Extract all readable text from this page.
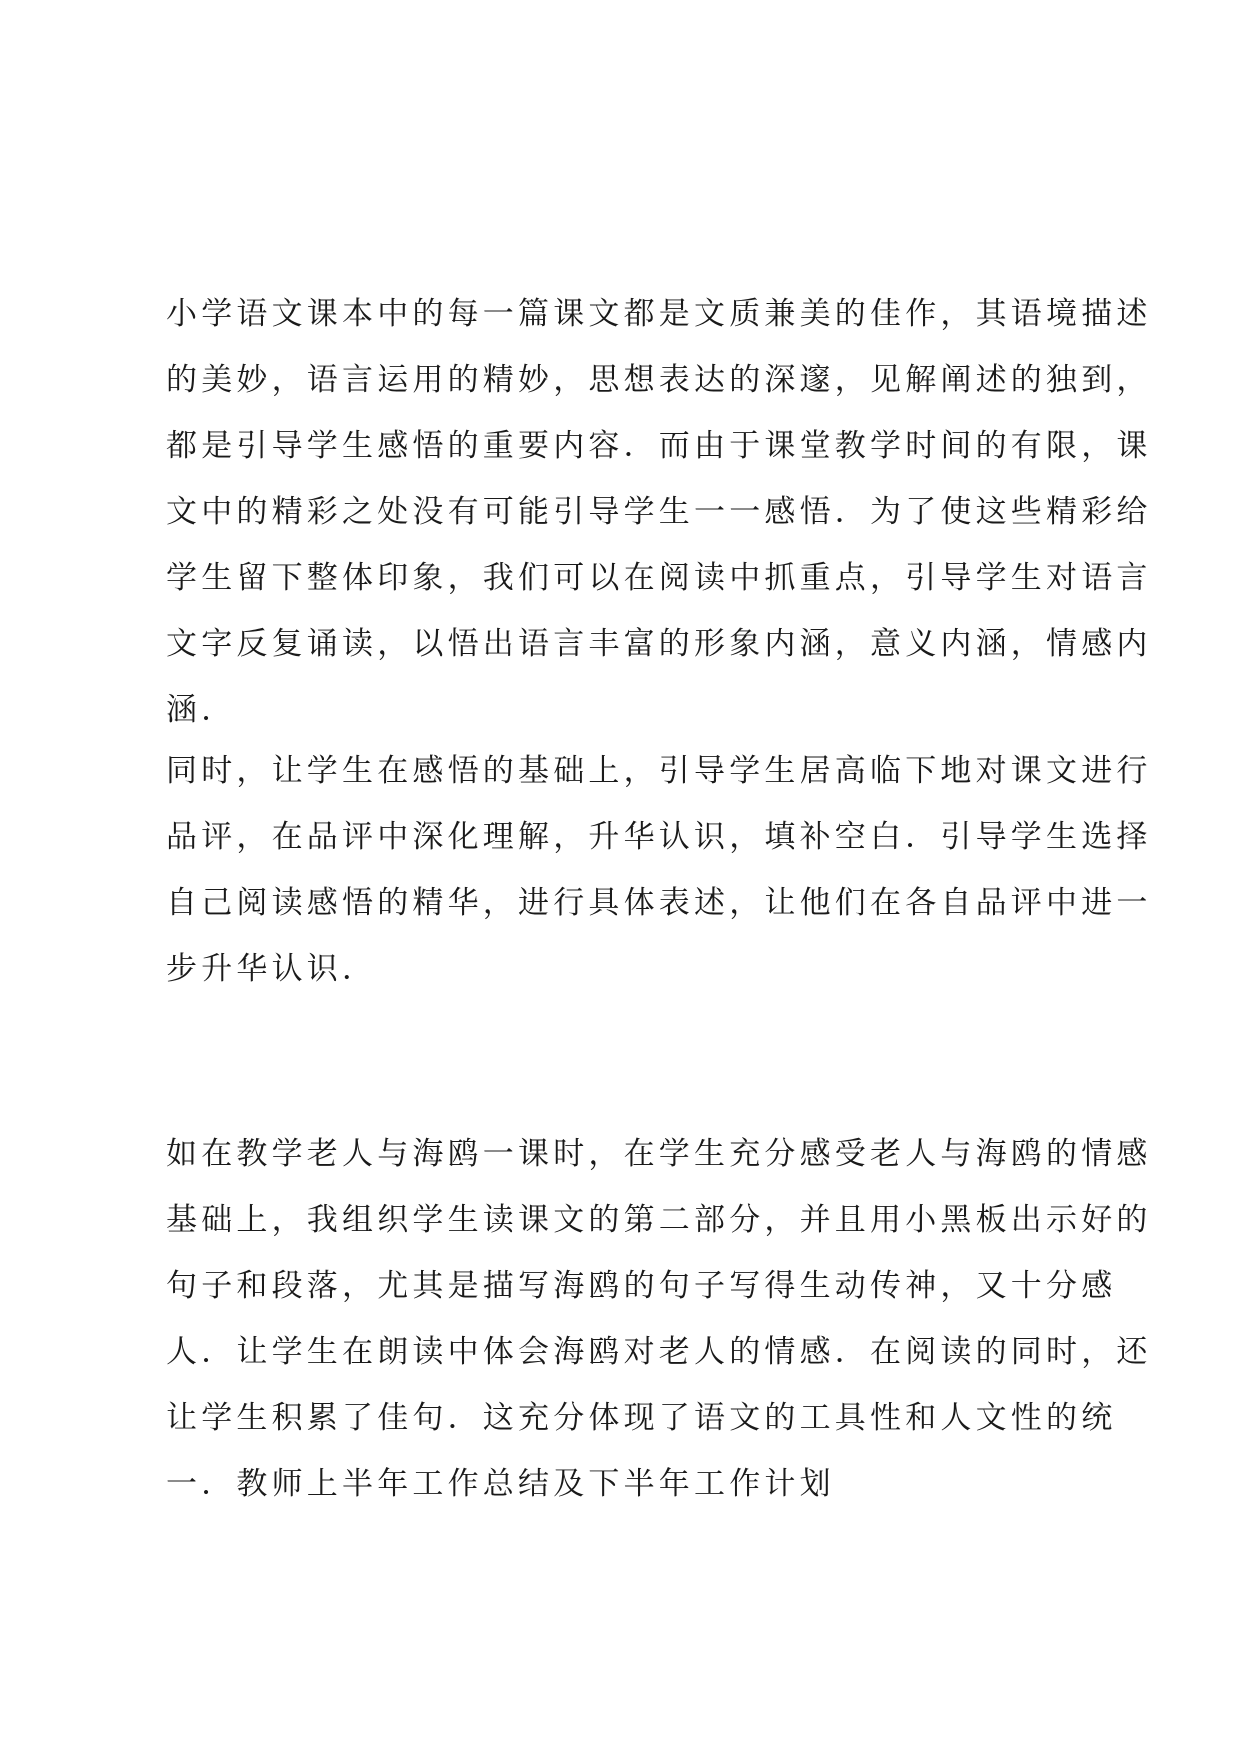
小学语文课本中的每一篇课文都是文质兼美的佳作，其语境描述
的美妙，语言运用的精妙，思想表达的深邃，见解阐述的独到，
都是引导学生感悟的重要内容．而由于课堂教学时间的有限，课
文中的精彩之处没有可能引导学生一一感悟．为了使这些精彩给
学生留下整体印象，我们可以在阅读中抓重点，引导学生对语言
文字反复诵读，以悟出语言丰富的形象内涵，意义内涵，情感内
涵．
同时，让学生在感悟的基础上，引导学生居高临下地对课文进行
品评，在品评中深化理解，升华认识，填补空白．引导学生选择
自己阅读感悟的精华，进行具体表述，让他们在各自品评中进一
步升华认识．
如在教学老人与海鸥一课时，在学生充分感受老人与海鸥的情感
基础上，我组织学生读课文的第二部分，并且用小黑板出示好的
句子和段落，尤其是描写海鸥的句子写得生动传神，又十分感
人．让学生在朗读中体会海鸥对老人的情感．在阅读的同时，还
让学生积累了佳句．这充分体现了语文的工具性和人文性的统
一．教师上半年工作总结及下半年工作计划
